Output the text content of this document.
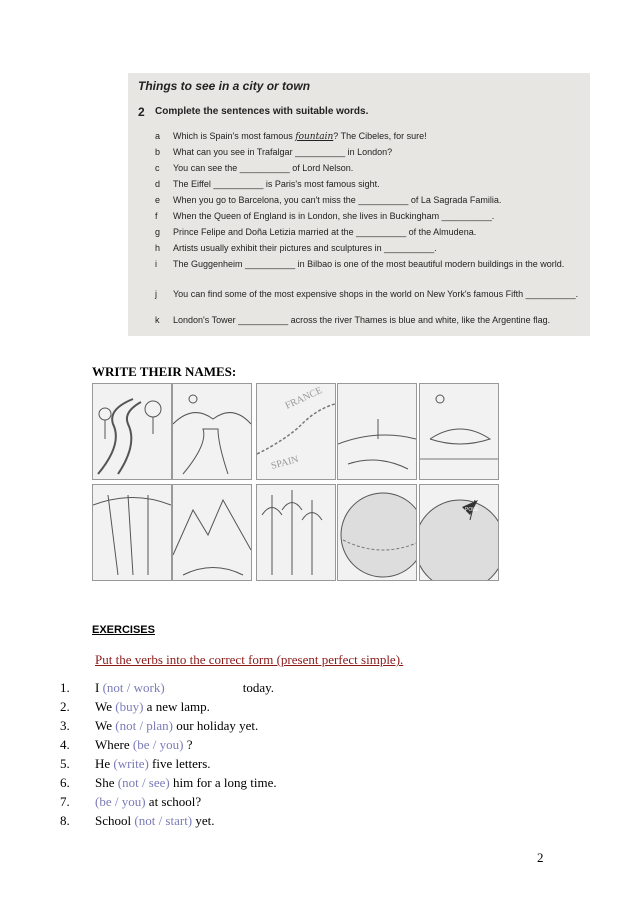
Things to see in a city or town
2 Complete the sentences with suitable words.
a Which is Spain's most famous fountain? The Cibeles, for sure!
b What can you see in Trafalgar __________ in London?
c You can see the __________ of Lord Nelson.
d The Eiffel __________ is Paris's most famous sight.
e When you go to Barcelona, you can't miss the __________ of La Sagrada Familia.
f When the Queen of England is in London, she lives in Buckingham __________.
g Prince Felipe and Doña Letizia married at the __________ of the Almudena.
h Artists usually exhibit their pictures and sculptures in __________.
i The Guggenheim __________ in Bilbao is one of the most beautiful modern buildings in the world.
j You can find some of the most expensive shops in the world on New York's famous Fifth __________.
k London's Tower __________ across the river Thames is blue and white, like the Argentine flag.
WRITE THEIR NAMES:
FRANCE
SPAIN
POLE
EXERCISES
Put the verbs into the correct form (present perfect simple).
1.	I (not / work)	today.
2.	We (buy) a new lamp.
3.	We (not / plan) our holiday yet.
4.	Where (be / you) ?
5.	He (write) five letters.
6.	She (not / see) him for a long time.
7.	(be / you) at school?
8.	School (not / start) yet.
2
